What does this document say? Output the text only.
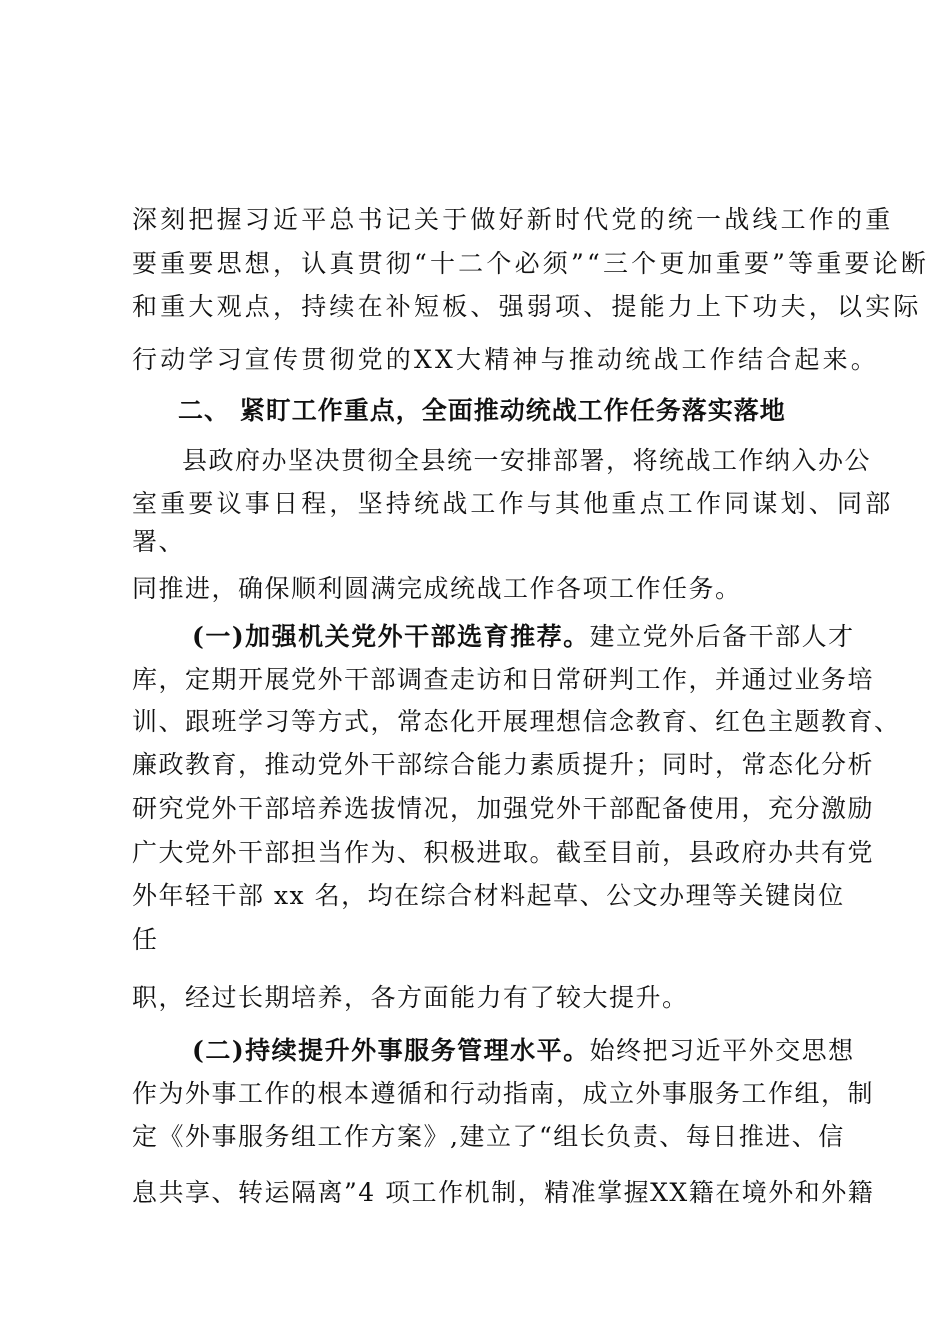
深刻把握习近平总书记关于做好新时代党的统一战线工作的重
要重要思想，认真贯彻“十二个必须”“三个更加重要”等重要论断
和重大观点，持续在补短板、强弱项、提能力上下功夫，以实际
行动学习宣传贯彻党的XX大精神与推动统战工作结合起来。
二、 紧盯工作重点，全面推动统战工作任务落实落地
县政府办坚决贯彻全县统一安排部署，将统战工作纳入办公
室重要议事日程，坚持统战工作与其他重点工作同谋划、同部
署、
同推进，确保顺利圆满完成统战工作各项工作任务。
(一)加强机关党外干部选育推荐。建立党外后备干部人才
库，定期开展党外干部调查走访和日常研判工作，并通过业务培
训、跟班学习等方式，常态化开展理想信念教育、红色主题教育、
廉政教育，推动党外干部综合能力素质提升；同时，常态化分析
研究党外干部培养选拔情况，加强党外干部配备使用，充分激励
广大党外干部担当作为、积极进取。截至目前，县政府办共有党
外年轻干部 xx 名，均在综合材料起草、公文办理等关键岗位
任
职，经过长期培养，各方面能力有了较大提升。
(二)持续提升外事服务管理水平。始终把习近平外交思想
作为外事工作的根本遵循和行动指南，成立外事服务工作组，制
定《外事服务组工作方案》,建立了“组长负责、每日推进、信
息共享、转运隔离”4 项工作机制，精准掌握XX籍在境外和外籍
